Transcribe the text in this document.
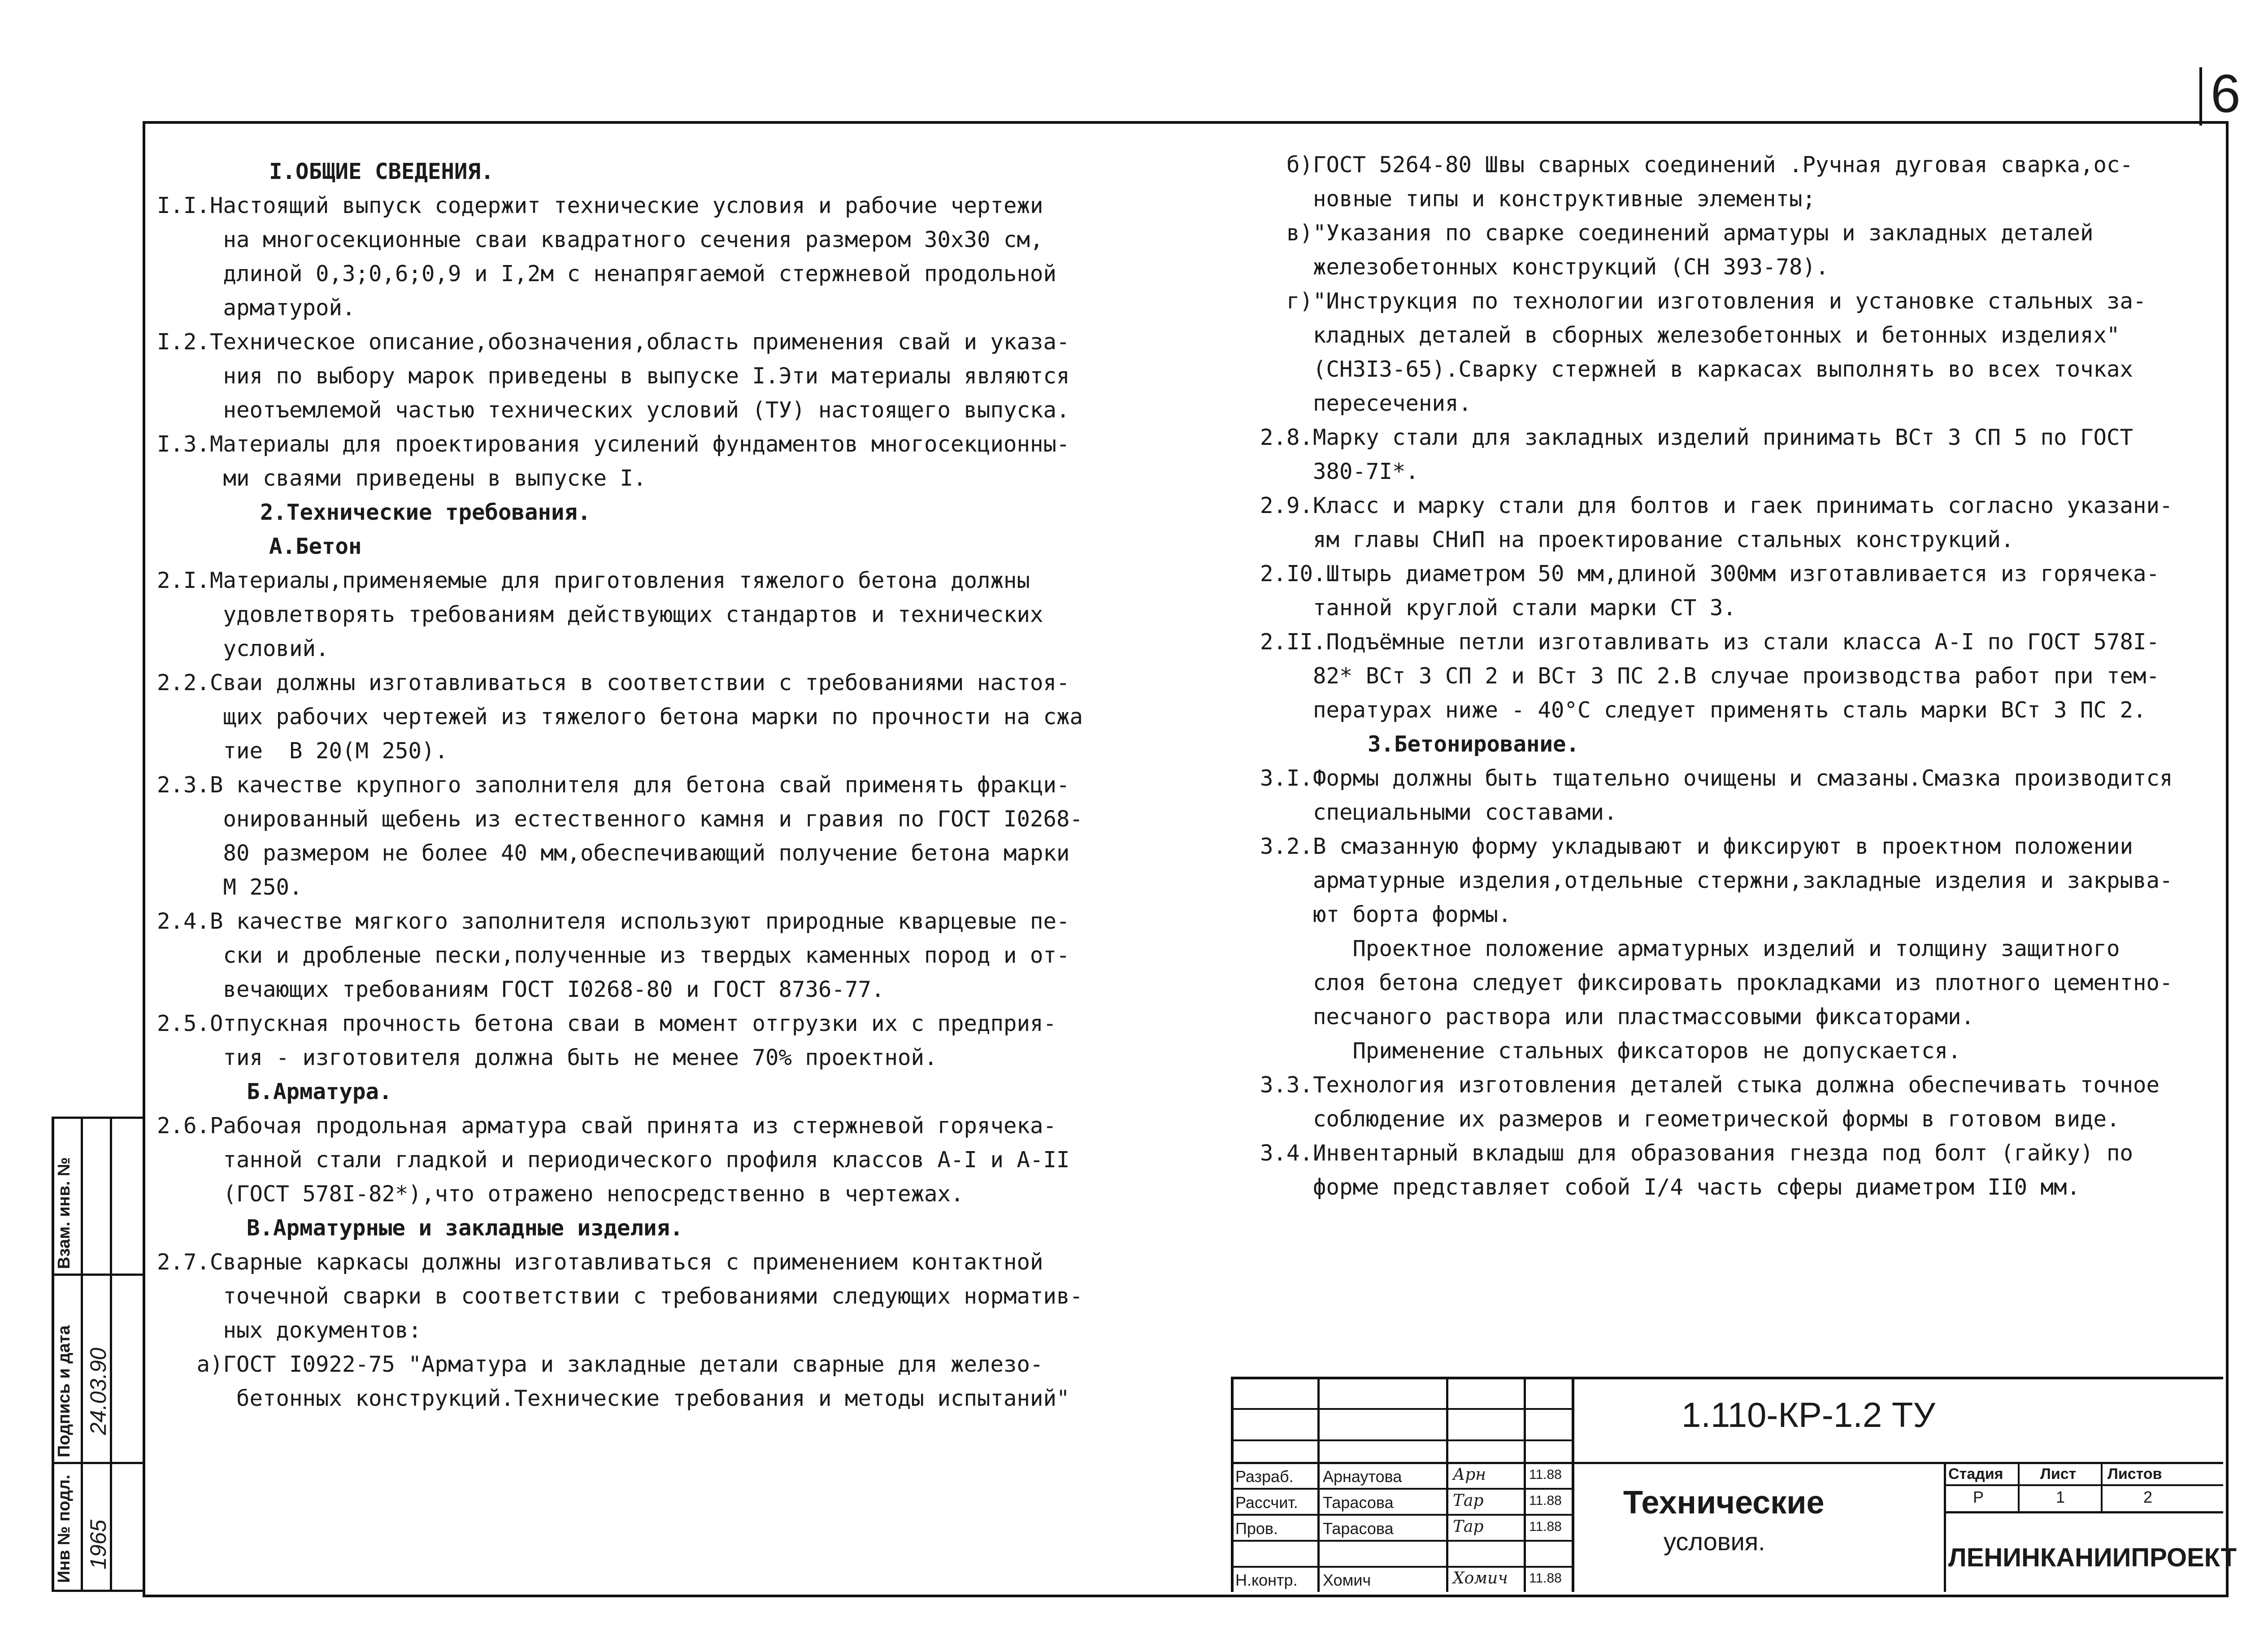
6
Инв № подл.
Подпись и дата
Взам. инв. №
1965
24.03.90

I.ОБЩИЕ СВЕДЕНИЯ.

I.I.Настоящий выпуск содержит технические условия и рабочие чертежи

на многосекционные сваи квадратного сечения размером 30х30 см,

длиной 0,3;0,6;0,9 и I,2м с ненапрягаемой стержневой продольной

арматурой.

I.2.Техническое описание,обозначения,область применения свай и указа-

ния по выбору марок приведены в выпуске I.Эти материалы являются

неотъемлемой частью технических условий (ТУ) настоящего выпуска.

I.3.Материалы для проектирования усилений фундаментов многосекционны-

ми сваями приведены в выпуске I.

2.Технические требования.

А.Бетон

2.I.Материалы,применяемые для приготовления тяжелого бетона должны

удовлетворять требованиям действующих стандартов и технических

условий.

2.2.Сваи должны изготавливаться в соответствии с требованиями настоя-

щих рабочих чертежей из тяжелого бетона марки по прочности на сжа

тие  В 20(М 250).

2.3.В качестве крупного заполнителя для бетона свай применять фракци-

онированный щебень из естественного камня и гравия по ГОСТ I0268-

80 размером не более 40 мм,обеспечивающий получение бетона марки

М 250.

2.4.В качестве мягкого заполнителя используют природные кварцевые пе-

ски и дробленые пески,полученные из твердых каменных пород и от-

вечающих требованиям ГОСТ I0268-80 и ГОСТ 8736-77.

2.5.Отпускная прочность бетона сваи в момент отгрузки их с предприя-

тия - изготовителя должна быть не менее 70% проектной.

Б.Арматура.

2.6.Рабочая продольная арматура свай принята из стержневой горячека-

танной стали гладкой и периодического профиля классов А-I и А-II

(ГОСТ 578I-82*),что отражено непосредственно в чертежах.

В.Арматурные и закладные изделия.

2.7.Сварные каркасы должны изготавливаться с применением контактной

точечной сварки в соответствии с требованиями следующих норматив-

ных документов:

а)ГОСТ I0922-75 "Арматура и закладные детали сварные для железо-

бетонных конструкций.Технические требования и методы испытаний"

б)ГОСТ 5264-80 Швы сварных соединений .Ручная дуговая сварка,ос-

новные типы и конструктивные элементы;

в)"Указания по сварке соединений арматуры и закладных деталей

железобетонных конструкций (СН 393-78).

г)"Инструкция по технологии изготовления и установке стальных за-

кладных деталей в сборных железобетонных и бетонных изделиях"

(СН3I3-65).Сварку стержней в каркасах выполнять во всех точках

пересечения.

2.8.Марку стали для закладных изделий принимать ВСт 3 СП 5 по ГОСТ

380-7I*.

2.9.Класс и марку стали для болтов и гаек принимать согласно указани-

ям главы СНиП на проектирование стальных конструкций.

2.I0.Штырь диаметром 50 мм,длиной 300мм изготавливается из горячека-

танной круглой стали марки СТ 3.

2.II.Подъёмные петли изготавливать из стали класса А-I по ГОСТ 578I-

82* ВСт 3 СП 2 и ВСт 3 ПС 2.В случае производства работ при тем-

пературах ниже - 40°С следует применять сталь марки ВСт 3 ПС 2.

3.Бетонирование.

3.I.Формы должны быть тщательно очищены и смазаны.Смазка производится

специальными составами.

3.2.В смазанную форму укладывают и фиксируют в проектном положении

арматурные изделия,отдельные стержни,закладные изделия и закрыва-

ют борта формы.

Проектное положение арматурных изделий и толщину защитного

слоя бетона следует фиксировать прокладками из плотного цементно-

песчаного раствора или пластмассовыми фиксаторами.

Применение стальных фиксаторов не допускается.

3.3.Технология изготовления деталей стыка должна обеспечивать точное

соблюдение их размеров и геометрической формы в готовом виде.

3.4.Инвентарный вкладыш для образования гнезда под болт (гайку) по

форме представляет собой I/4 часть сферы диаметром II0 мм.

1.110-КР-1.2 ТУ
Технические
условия.
Стадия Лист Листов
Р	1	2
ЛЕНИНКАНИИПРОЕКТ
Разраб. Арнаутова	Арн	11.88
Рассчит. Тарасова	Тар	11.88
Пров.	Тарасова	Тар	11.88
Н.контр. Хомич	Хомич 11.88
